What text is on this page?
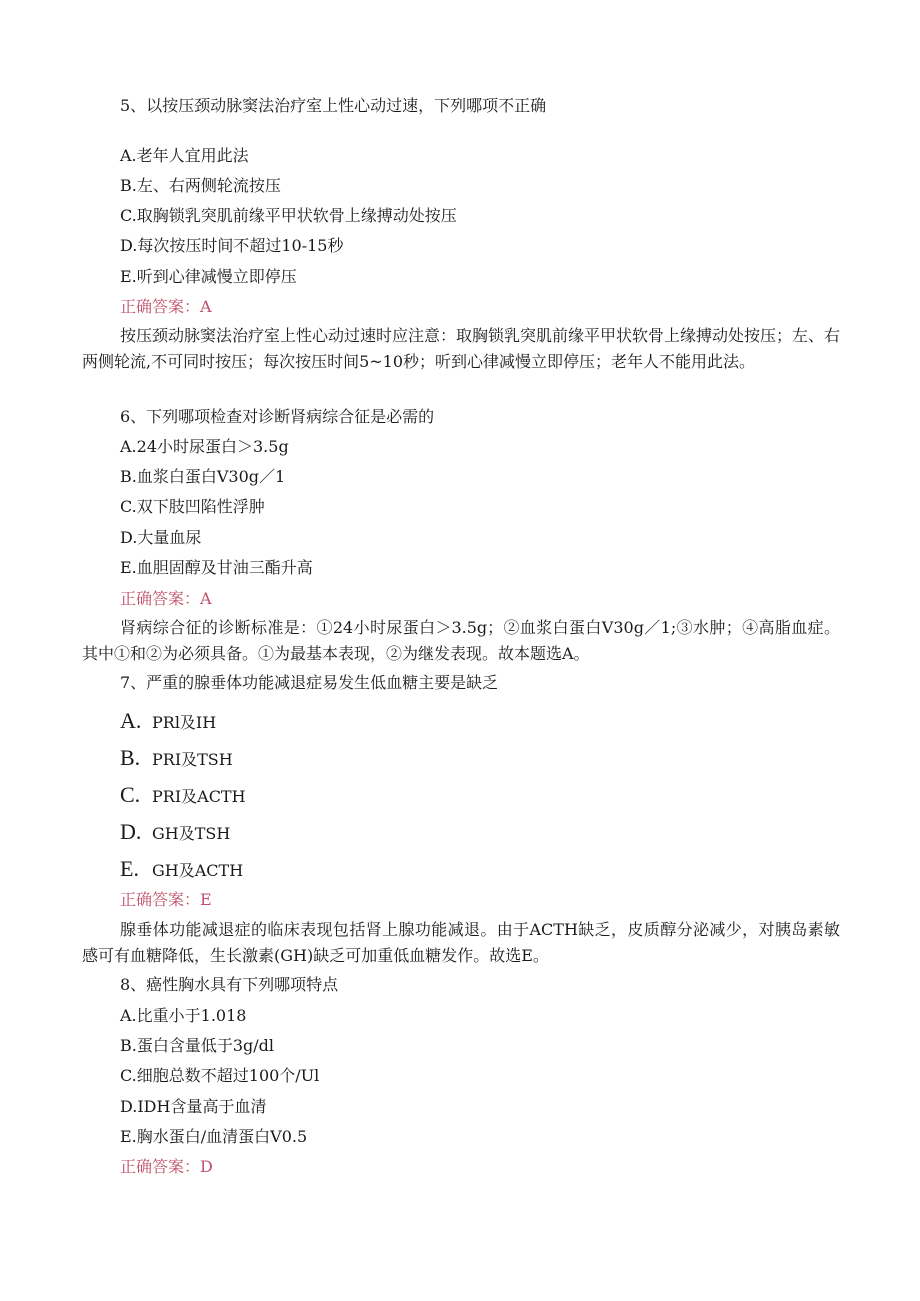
5、以按压颈动脉窦法治疗室上性心动过速，下列哪项不正确
A.老年人宜用此法
B.左、右两侧轮流按压
C.取胸锁乳突肌前缘平甲状软骨上缘搏动处按压
D.每次按压时间不超过10-15秒
E.听到心律减慢立即停压
正确答案：A
按压颈动脉窦法治疗室上性心动过速时应注意：取胸锁乳突肌前缘平甲状软骨上缘搏动处按压；左、右两侧轮流,不可同时按压；每次按压时间5~10秒；听到心律减慢立即停压；老年人不能用此法。
6、下列哪项检查对诊断肾病综合征是必需的
A.24小时尿蛋白＞3.5g
B.血浆白蛋白V30g／1
C.双下肢凹陷性浮肿
D.大量血尿
E.血胆固醇及甘油三酯升高
正确答案：A
肾病综合征的诊断标准是：①24小时尿蛋白＞3.5g；②血浆白蛋白V30g／1;③水肿；④高脂血症。其中①和②为必须具备。①为最基本表现，②为继发表现。故本题选A。
7、严重的腺垂体功能减退症易发生低血糖主要是缺乏
A. PRl及IH
B. PRI及TSH
C. PRI及ACTH
D. GH及TSH
E. GH及ACTH
正确答案：E
腺垂体功能减退症的临床表现包括肾上腺功能减退。由于ACTH缺乏，皮质醇分泌减少，对胰岛素敏感可有血糖降低，生长激素(GH)缺乏可加重低血糖发作。故选E。
8、癌性胸水具有下列哪项特点
A.比重小于1.018
B.蛋白含量低于3g/dl
C.细胞总数不超过100个/Ul
D.IDH含量高于血清
E.胸水蛋白/血清蛋白V0.5
正确答案：D
